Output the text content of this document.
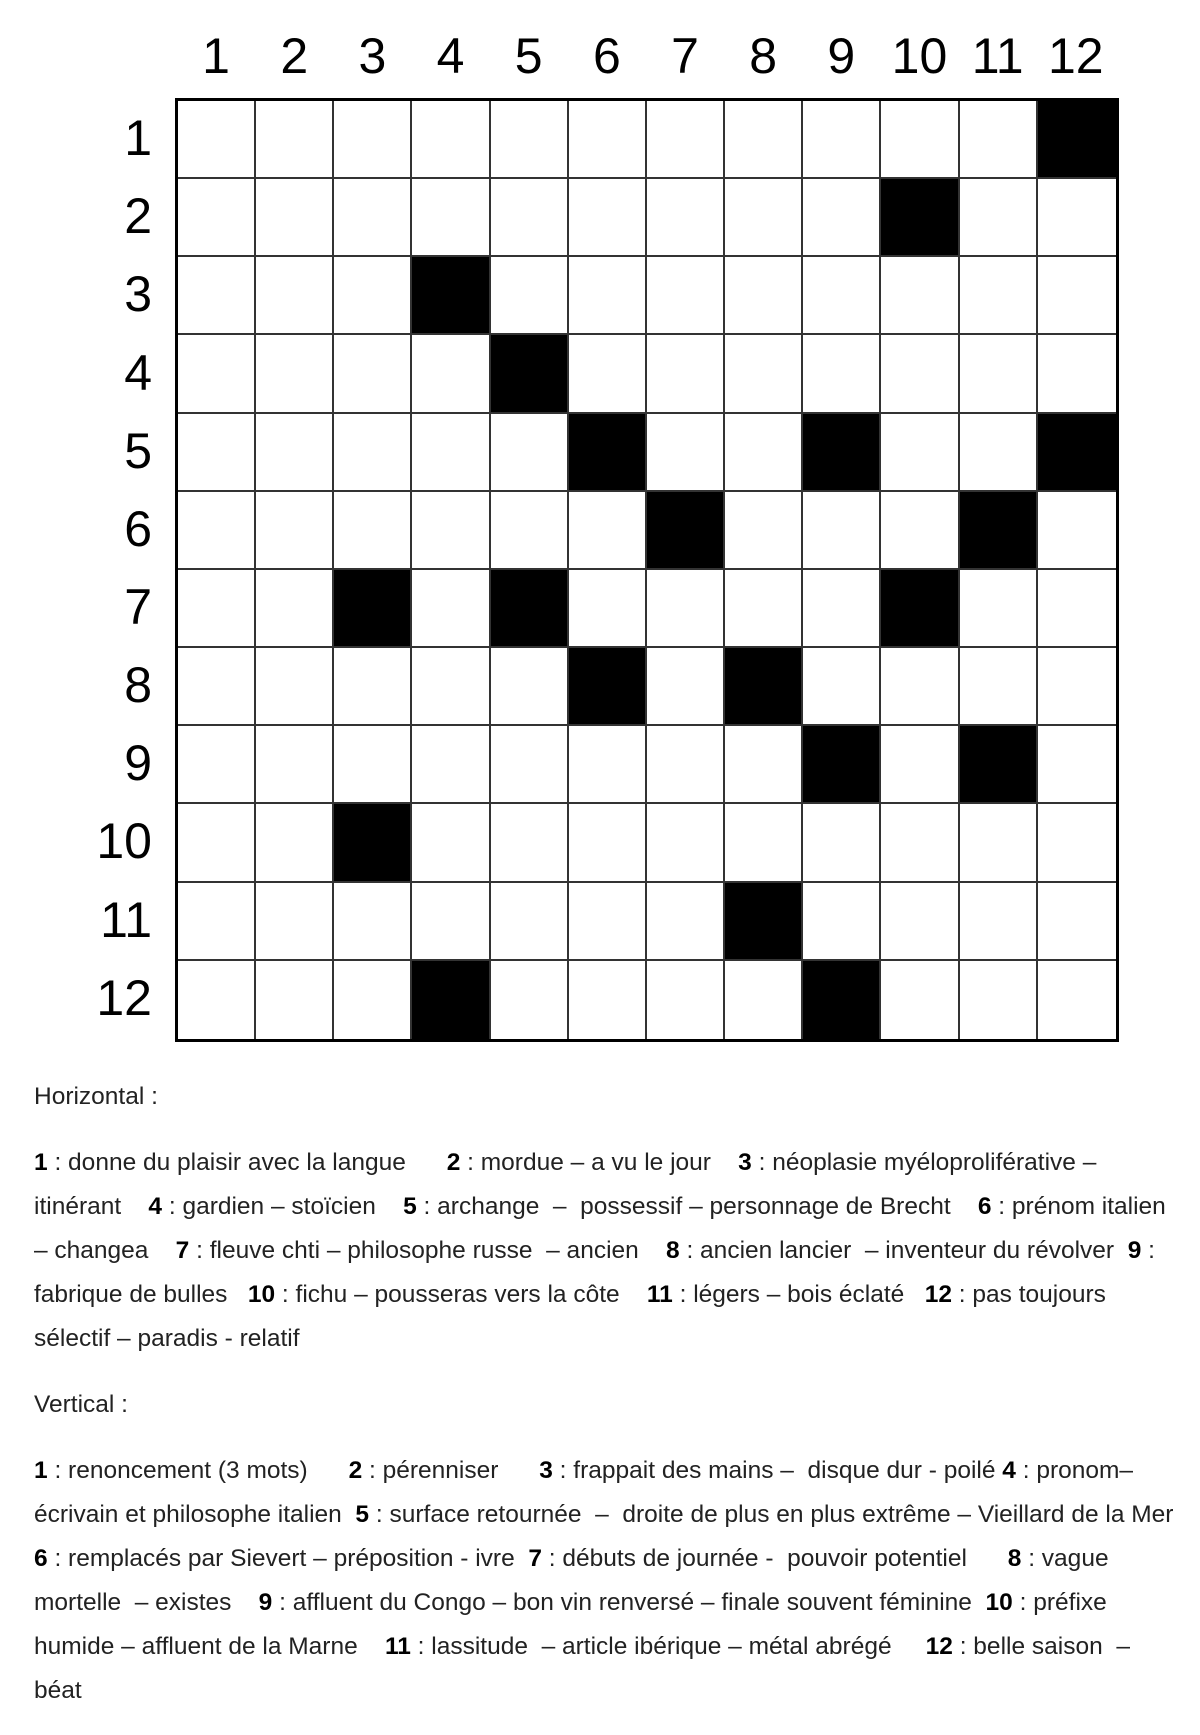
1	2	3	4	5	6	7	8	9 10 11 12
1
2
3
4
5
6
7
8
9
10
11
12
Horizontal :
1 : donne du plaisir avec la langue      2 : mordue – a vu le jour    3 : néoplasie myéloproliférative – itinérant    4 : gardien – stoïcien    5 : archange  –  possessif – personnage de Brecht    6 : prénom italien  – changea    7 : fleuve chti – philosophe russe  – ancien    8 : ancien lancier  – inventeur du révolver  9 : fabrique de bulles   10 : fichu – pousseras vers la côte    11 : légers – bois éclaté   12 : pas toujours sélectif – paradis - relatif
Vertical :
1 : renoncement (3 mots)      2 : pérenniser      3 : frappait des mains –  disque dur - poilé 4 : pronom– écrivain et philosophe italien  5 : surface retournée  –  droite de plus en plus extrême – Vieillard de la Mer  6 : remplacés par Sievert – préposition - ivre  7 : débuts de journée -  pouvoir potentiel      8 : vague mortelle  – existes    9 : affluent du Congo – bon vin renversé – finale souvent féminine  10 : préfixe humide – affluent de la Marne    11 : lassitude  – article ibérique – métal abrégé     12 : belle saison  – béat
